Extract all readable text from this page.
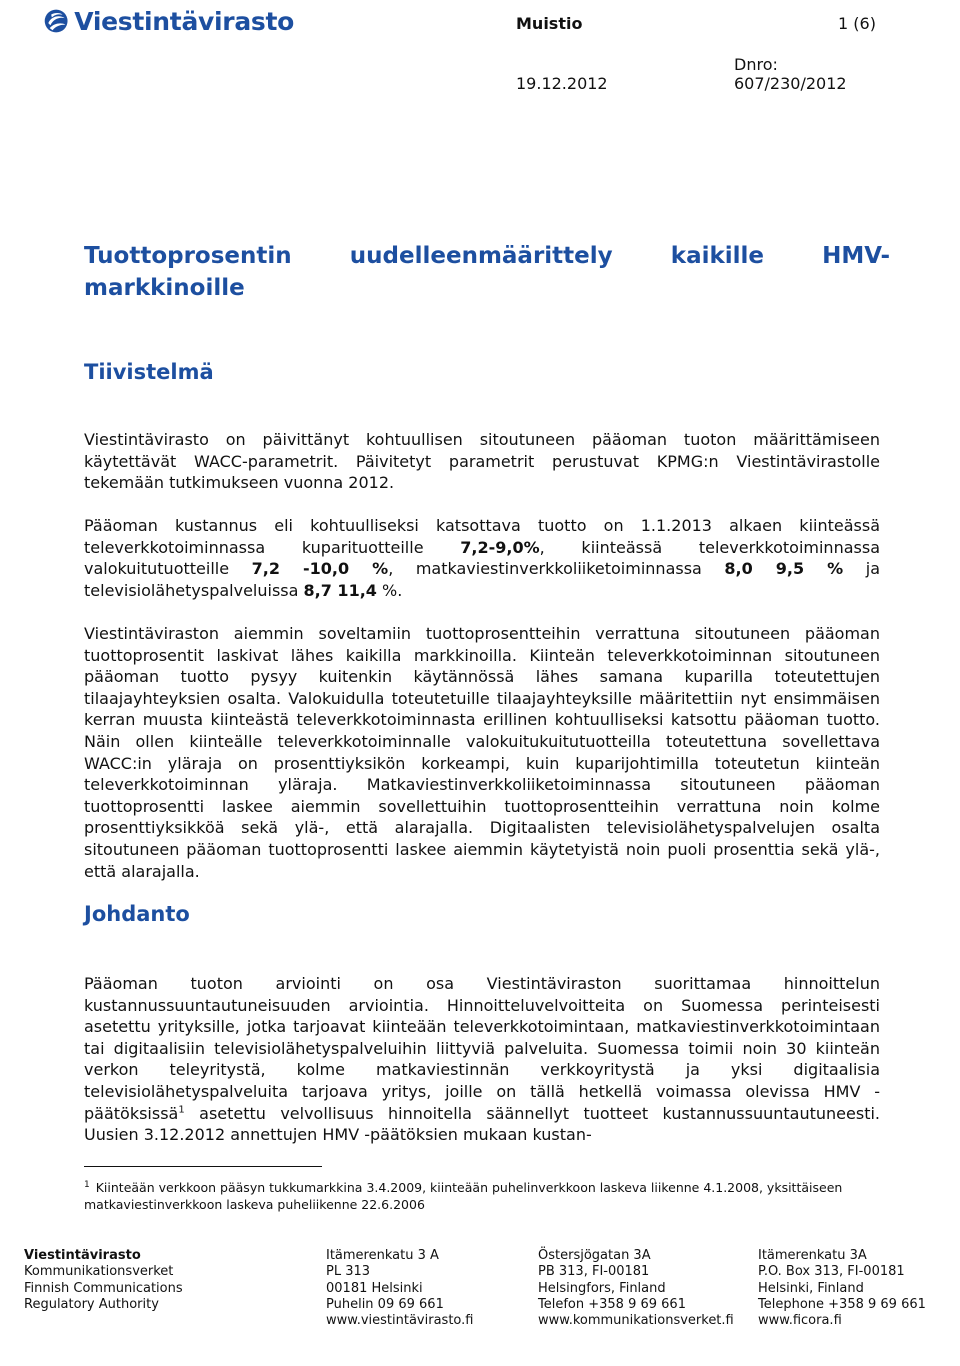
Viestintävirasto	Muistio	1 (6)
Dnro:
19.12.2012	607/230/2012
Tuottoprosentin uudelleenmäärittely kaikille HMV-markkinoille
Tiivistelmä
Viestintävirasto on päivittänyt kohtuullisen sitoutuneen pääoman tuoton määrittämiseen käytettävät WACC-parametrit. Päivitetyt parametrit perustuvat KPMG:n Viestintävirastolle tekemään tutkimukseen vuonna 2012.
Pääoman kustannus eli kohtuulliseksi katsottava tuotto on 1.1.2013 alkaen kiinteässä televerkkotoiminnassa kuparituotteille 7,2-9,0%, kiinteässä televerkkotoiminnassa valokuitutuotteille 7,2 -10,0 %, matkaviestinverkkoliiketoiminnassa 8,0 9,5 % ja televisiolähetyspalveluissa 8,7 11,4 %.
Viestintäviraston aiemmin soveltamiin tuottoprosentteihin verrattuna sitoutuneen pääoman tuottoprosentit laskivat lähes kaikilla markkinoilla. Kiinteän televerkkotoiminnan sitoutuneen pääoman tuotto pysyy kuitenkin käytännössä lähes samana kuparilla toteutettujen tilaajayhteyksien osalta. Valokuidulla toteutetuille tilaajayhteyksille määritettiin nyt ensimmäisen kerran muusta kiinteästä televerkkotoiminnasta erillinen kohtuulliseksi katsottu pääoman tuotto. Näin ollen kiinteälle televerkkotoiminnalle valokuitukuitutuotteilla toteutettuna sovellettava WACC:in yläraja on prosenttiyksikön korkeampi, kuin kuparijohtimilla toteutetun kiinteän televerkkotoiminnan yläraja. Matkaviestinverkkoliiketoiminnassa sitoutuneen pääoman tuottoprosentti laskee aiemmin sovellettuihin tuottoprosentteihin verrattuna noin kolme prosenttiyksikköä sekä ylä-, että alarajalla. Digitaalisten televisiolähetyspalvelujen osalta sitoutuneen pääoman tuottoprosentti laskee aiemmin käytetyistä noin puoli prosenttia sekä ylä-, että alarajalla.
Johdanto
Pääoman tuoton arviointi on osa Viestintäviraston suorittamaa hinnoittelun kustannussuuntautuneisuuden arviointia. Hinnoitteluvelvoitteita on Suomessa perinteisesti asetettu yrityksille, jotka tarjoavat kiinteään televerkkotoimintaan, matkaviestinverkkotoimintaan tai digitaalisiin televisiolähetyspalveluihin liittyviä palveluita. Suomessa toimii noin 30 kiinteän verkon teleyritystä, kolme matkaviestinnän verkkoyritystä ja yksi digitaalisia televisiolähetyspalveluita tarjoava yritys, joille on tällä hetkellä voimassa olevissa HMV -päätöksissä$^1$ asetettu velvollisuus hinnoitella säännellyt tuotteet kustannussuuntautuneesti. Uusien 3.12.2012 annettujen HMV -päätöksien mukaan kustan-
$^1$ Kiinteään verkkoon pääsyn tukkumarkkina 3.4.2009, kiinteään puhelinverkkoon laskeva liikenne 4.1.2008, yksittäiseen matkaviestinverkkoon laskeva puheliikenne 22.6.2006
Viestintävirasto
Kommunikationsverket
Finnish Communications
Regulatory Authority
Itämerenkatu 3 A
PL 313
00181 Helsinki
Puhelin 09 69 661
www.viestintävirasto.fi
Östersjögatan 3A
PB 313, FI-00181
Helsingfors, Finland
Telefon +358 9 69 661
www.kommunikationsverket.fi
Itämerenkatu 3A
P.O. Box 313, FI-00181
Helsinki, Finland
Telephone +358 9 69 661
www.ficora.fi
